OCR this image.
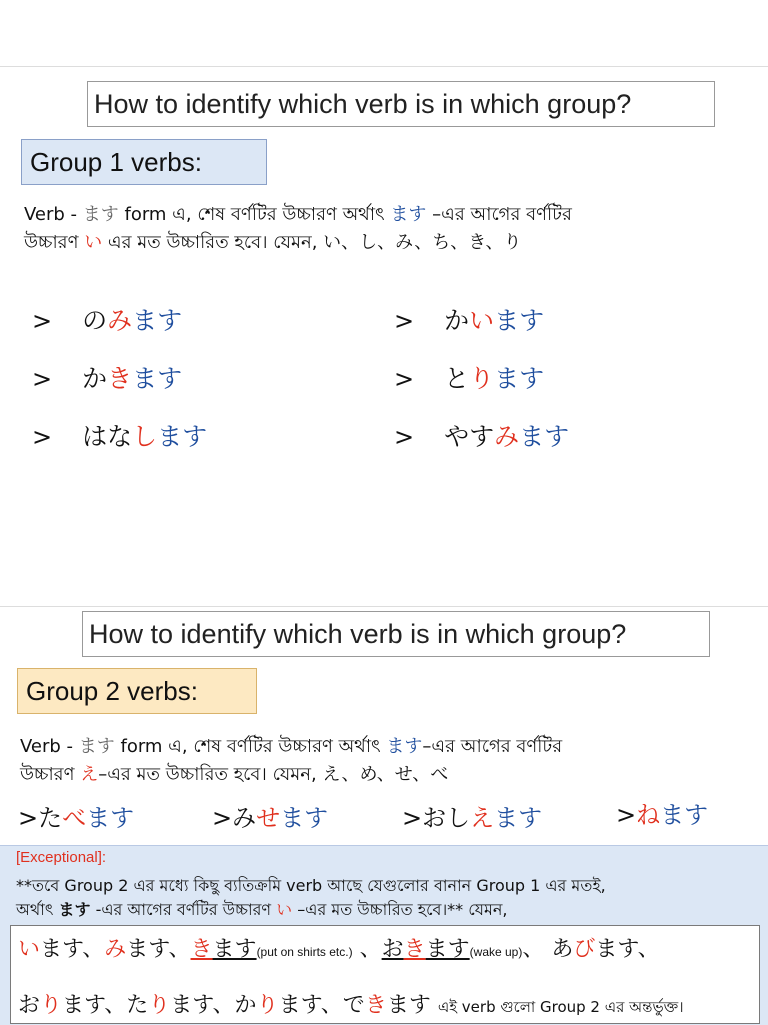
How to identify which verb is in which group?
Group 1 verbs:
Verb - ます form এ, শেষ বর্ণটির উচ্চারণ অর্থাৎ ます –এর আগের বর্ণটির
উচ্চারণ い এর মত উচ্চারিত হবে। যেমন, い、し、み、ち、き、り
> のみます	> かいます
> かきます	> とります
> はなします	> やすみます
How to identify which verb is in which group?
Group 2 verbs:
Verb - ます form এ, শেষ বর্ণটির উচ্চারণ অর্থাৎ ます–এর আগের বর্ণটির
উচ্চারণ え–এর মত উচ্চারিত হবে। যেমন, え、め、せ、べ
>たべます	>みせます	>おしえます	>ねます
[Exceptional]:
**তবে Group 2 এর মধ্যে কিছু ব্যতিক্রমি verb আছে যেগুলোর বানান Group 1 এর মতই,
অর্থাৎ ます -এর আগের বর্ণটির উচ্চারণ い –এর মত উচ্চারিত হবে।** যেমন,
います、みます、きます(put on shirts etc.) 、おきます(wake up)、 あびます、
おります、たります、かります、できます এই verb গুলো Group 2 এর অন্তর্ভুক্ত।
